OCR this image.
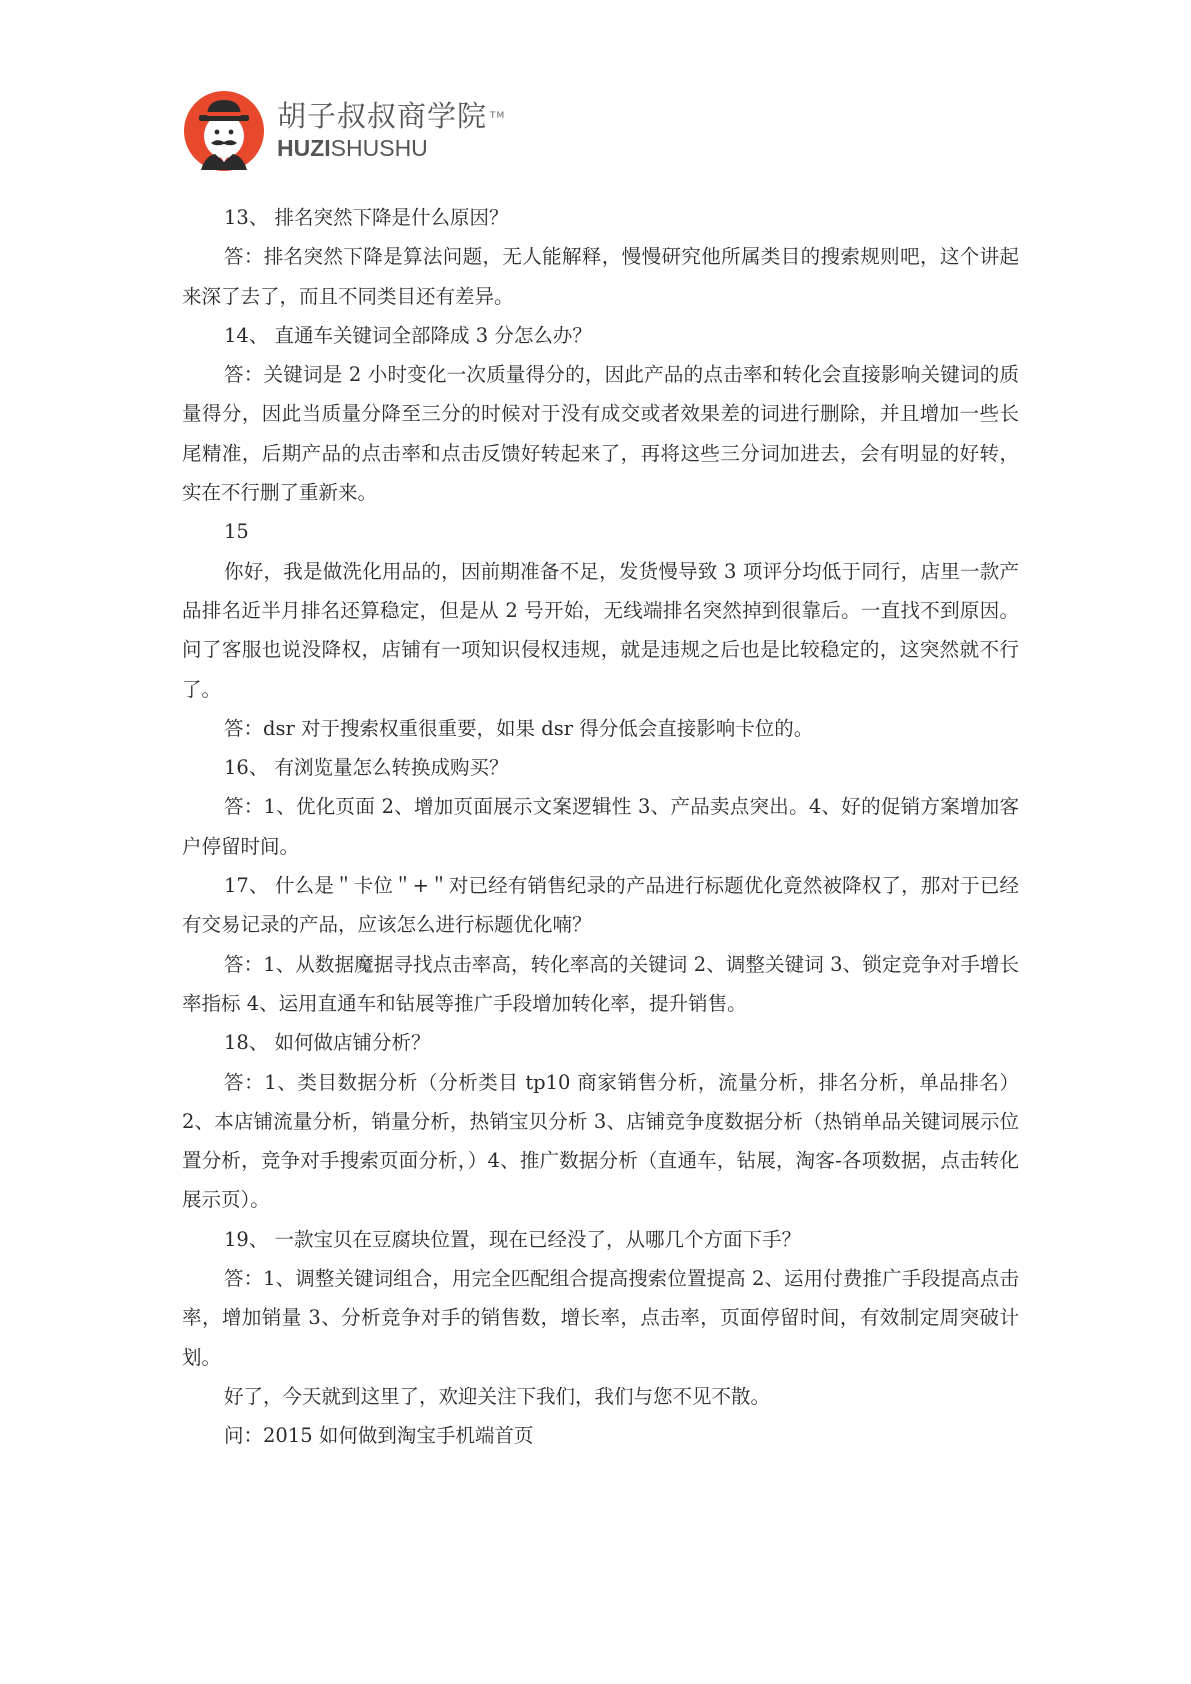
胡子叔叔商学院 TM
HUZISHUSHU

13、 排名突然下降是什么原因？

答：排名突然下降是算法问题，无人能解释，慢慢研究他所属类目的搜索规则吧，这个讲起来深了去了，而且不同类目还有差异。

14、 直通车关键词全部降成 3 分怎么办？

答：关键词是 2 小时变化一次质量得分的，因此产品的点击率和转化会直接影响关键词的质量得分，因此当质量分降至三分的时候对于没有成交或者效果差的词进行删除，并且增加一些长尾精准，后期产品的点击率和点击反馈好转起来了，再将这些三分词加进去，会有明显的好转，实在不行删了重新来。

15

你好，我是做洗化用品的，因前期准备不足，发货慢导致 3 项评分均低于同行，店里一款产品排名近半月排名还算稳定，但是从 2 号开始，无线端排名突然掉到很靠后。一直找不到原因。问了客服也说没降权，店铺有一项知识侵权违规，就是违规之后也是比较稳定的，这突然就不行了。

答：dsr 对于搜索权重很重要，如果 dsr 得分低会直接影响卡位的。

16、 有浏览量怎么转换成购买？

答：1、优化页面 2、增加页面展示文案逻辑性 3、产品卖点突出。4、好的促销方案增加客户停留时间。

17、 什么是＂卡位＂+＂对已经有销售纪录的产品进行标题优化竟然被降权了，那对于已经有交易记录的产品，应该怎么进行标题优化喃？

答：1、从数据魔据寻找点击率高，转化率高的关键词 2、调整关键词 3、锁定竞争对手增长率指标 4、运用直通车和钻展等推广手段增加转化率，提升销售。

18、 如何做店铺分析？

答：1、类目数据分析（分析类目 tp10 商家销售分析，流量分析，排名分析，单品排名）2、本店铺流量分析，销量分析，热销宝贝分析 3、店铺竞争度数据分析（热销单品关键词展示位置分析，竞争对手搜索页面分析，）4、推广数据分析（直通车，钻展，淘客-各项数据，点击转化展示页）。

19、 一款宝贝在豆腐块位置，现在已经没了，从哪几个方面下手？

答：1、调整关键词组合，用完全匹配组合提高搜索位置提高 2、运用付费推广手段提高点击率，增加销量 3、分析竞争对手的销售数，增长率，点击率，页面停留时间，有效制定周突破计划。

好了，今天就到这里了，欢迎关注下我们，我们与您不见不散。

问：2015 如何做到淘宝手机端首页
